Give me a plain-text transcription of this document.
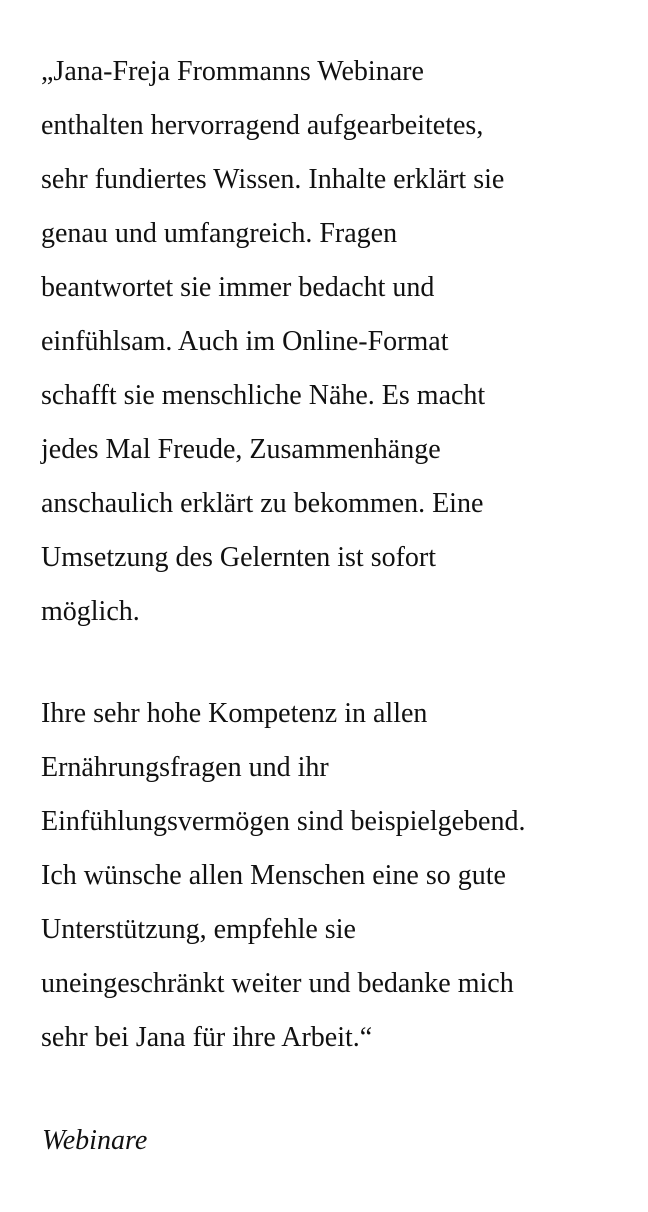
„Jana-Freja Frommanns Webinare
enthalten hervorragend aufgearbeitetes,
sehr fundiertes Wissen. Inhalte erklärt sie
genau und umfangreich. Fragen
beantwortet sie immer bedacht und
einfühlsam. Auch im Online-Format
schafft sie menschliche Nähe. Es macht
jedes Mal Freude, Zusammenhänge
anschaulich erklärt zu bekommen. Eine
Umsetzung des Gelernten ist sofort
möglich.
Ihre sehr hohe Kompetenz in allen
Ernährungsfragen und ihr
Einfühlungsvermögen sind beispielgebend.
Ich wünsche allen Menschen eine so gute
Unterstützung, empfehle sie
uneingeschränkt weiter und bedanke mich
sehr bei Jana für ihre Arbeit.“
Webinare
